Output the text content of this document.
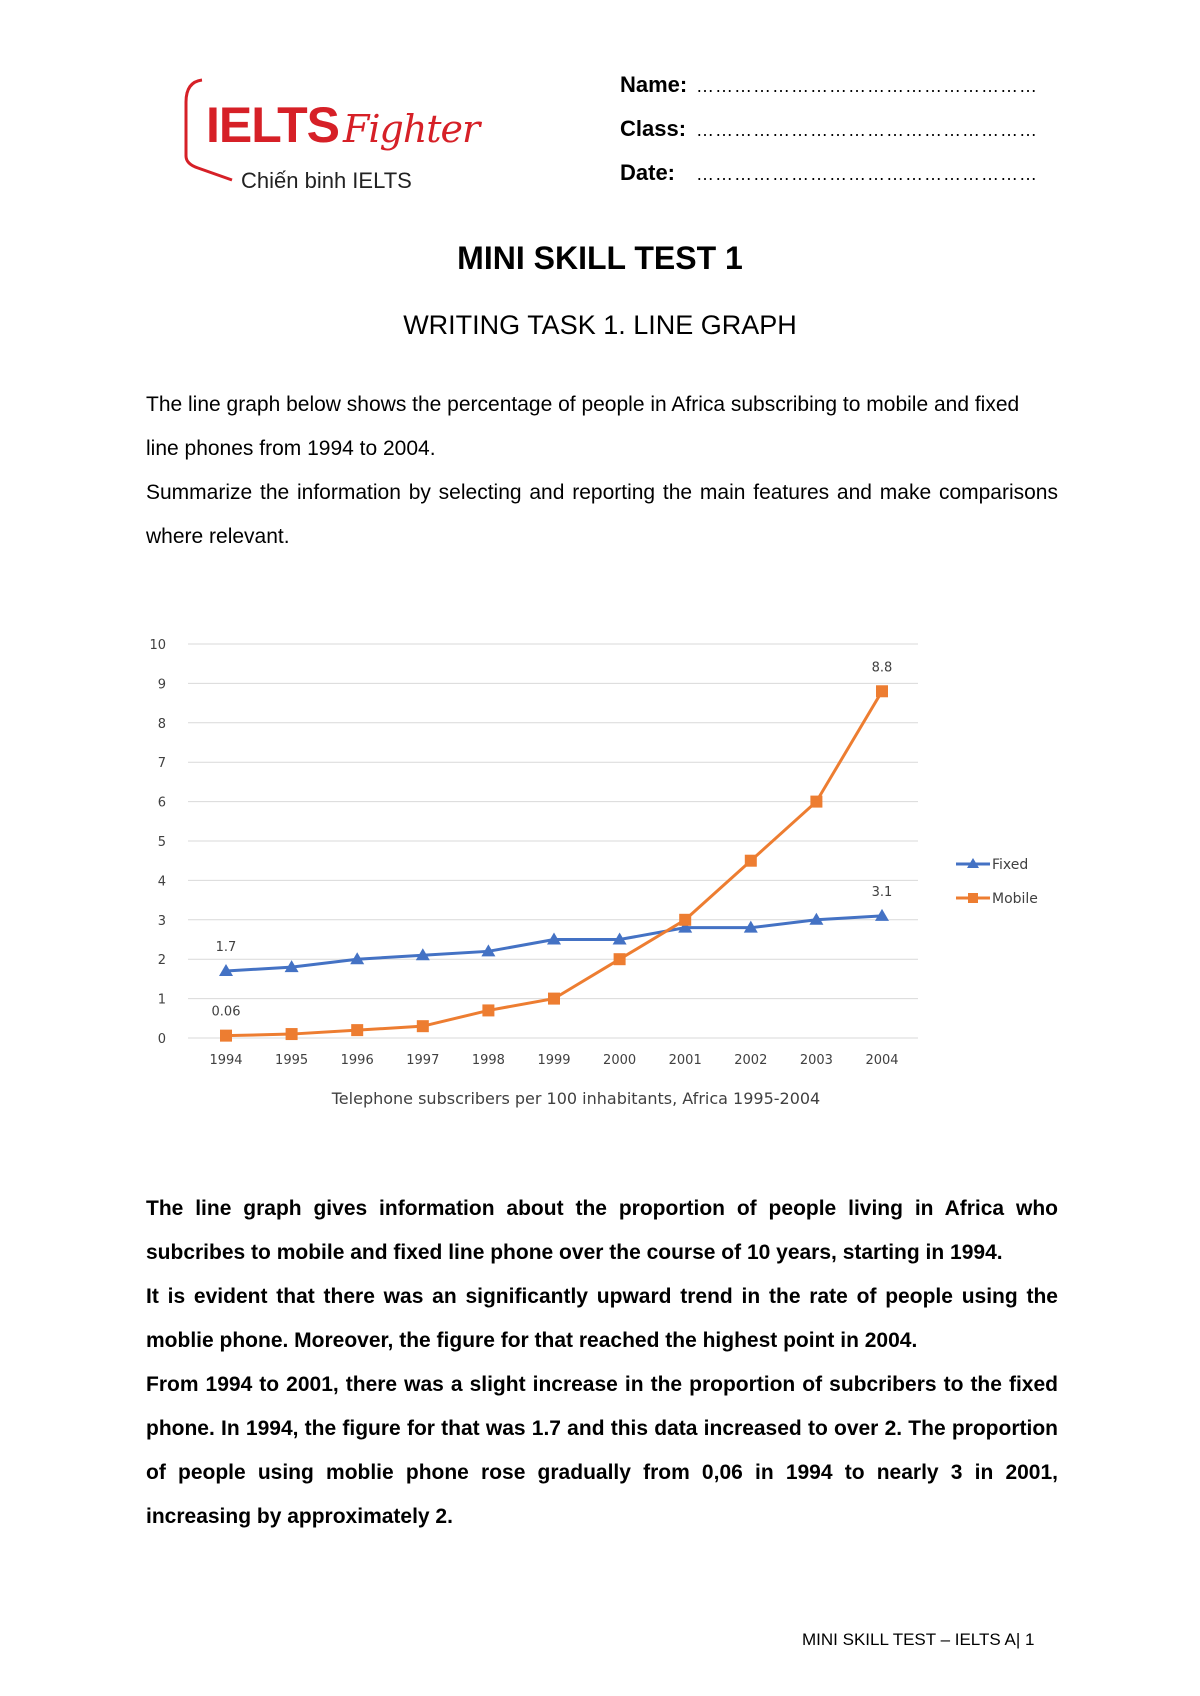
IELTS Fighter
Chiến binh IELTS
Name: ………………………………………………
Class: ………………………………………………
Date: ………………………………………………
MINI SKILL TEST 1
WRITING TASK 1. LINE GRAPH

The line graph below shows the percentage of people in Africa subscribing to mobile and fixed

line phones from 1994 to 2004.

Summarize the information by selecting and reporting the main features and make comparisons where relevant.

0
1
2
3
4
5
6
7
8
9
10
1994	1995	1996	1997	1998	1999	2000	2001	2002	2003	2004
1.7
3.1
0.06
8.8
Fixed
Mobile
Telephone subscribers per 100 inhabitants, Africa 1995-2004

The line graph gives information about the proportion of people living in Africa who subcribes to mobile and fixed line phone over the course of 10 years, starting in 1994.

It is evident that there was an significantly upward trend in the rate of people using the moblie phone. Moreover, the figure for that reached the highest point in 2004.

From 1994 to 2001, there was a slight increase in the proportion of subcribers to the fixed phone. In 1994, the figure for that was 1.7 and this data increased to over 2. The proportion of people using moblie phone rose gradually from 0,06 in 1994 to nearly 3 in 2001, increasing by approximately 2.

MINI SKILL TEST – IELTS A| 1
